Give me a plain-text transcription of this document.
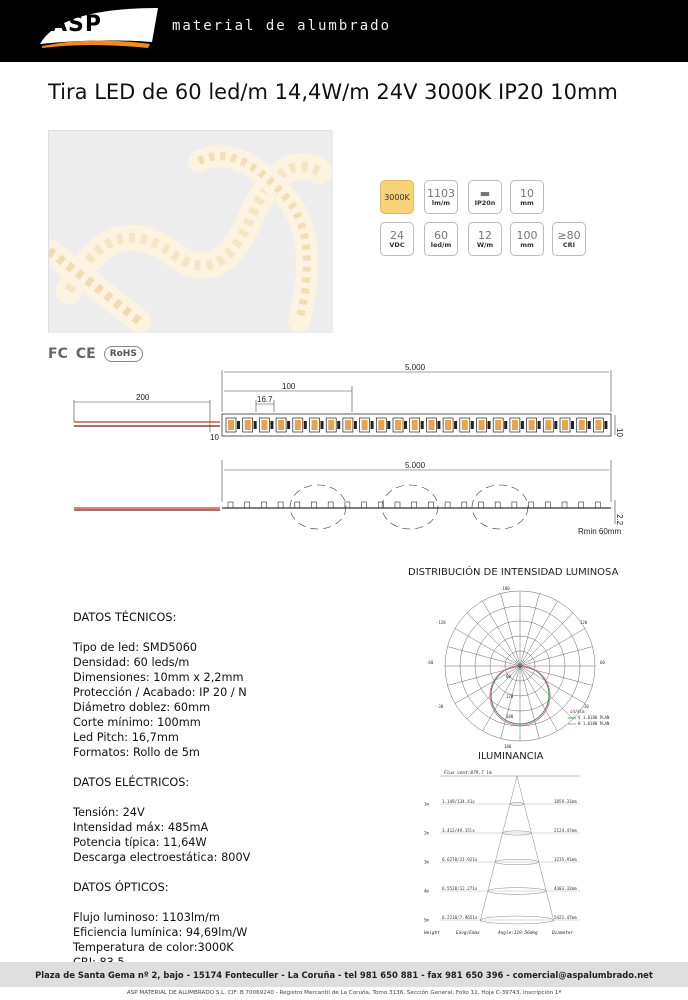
ASP	material de alumbrado
Tira LED de 60 led/m 14,4W/m 24V 3000K IP20 10mm
3000K 1103
lm/m
▬
IP20n
10
mm
24
VDC
60
led/m
12
W/m
100
mm
≥80
CRI
FC CE	RoHS
5.000
100
16.7
200
10
10
5.000
2.2
Rmin 60mm
DISTRIBUCIÓN DE INTENSIDAD LUMINOSA
-180
180
-120	120
-60	60
-30	30
60
120
180
cd/klm
V 1.0180 PLAN
H 1.0180 PLAN
ILUMINANCIA
Flux cent:879.7 lm
1m	1.149/134.41x	1059.31mm
2m	3.412/49.15lx	2124.47mm
3m	6.6270/21.921x	3235.91mm
4m	6.5520/12.271x	4303.32mm
5m	6.2210/7.9651x	5421.47mm
Height	Eavg/Emax	Angle:119.56deg	Diameter
DATOS TÉCNICOS:
Tipo de led: SMD5060
Densidad: 60 leds/m
Dimensiones: 10mm x 2,2mm
Protección / Acabado: IP 20 / N
Diámetro doblez: 60mm
Corte mínimo: 100mm
Led Pitch: 16,7mm
Formatos: Rollo de 5m
DATOS ELÉCTRICOS:
Tensión: 24V
Intensidad máx: 485mA
Potencia típica: 11,64W
Descarga electroestática: 800V
DATOS ÓPTICOS:
Flujo luminoso: 1103lm/m
Eficiencia lumínica: 94,69lm/W
Temperatura de color:3000K
Plaza de Santa Gema nº 2, bajo - 15174 Fonteculler - La Coruña - tel 981 650 881 - fax 981 650 396 - comercial@aspalumbrado.net
ASP MATERIAL DE ALUMBRADO S.L. CIF: B 70069240 - Registro Mercantil de La Coruña, Tomo 3136, Sección General, Folio 11, Hoja C-39743, Inscripción 1ª
